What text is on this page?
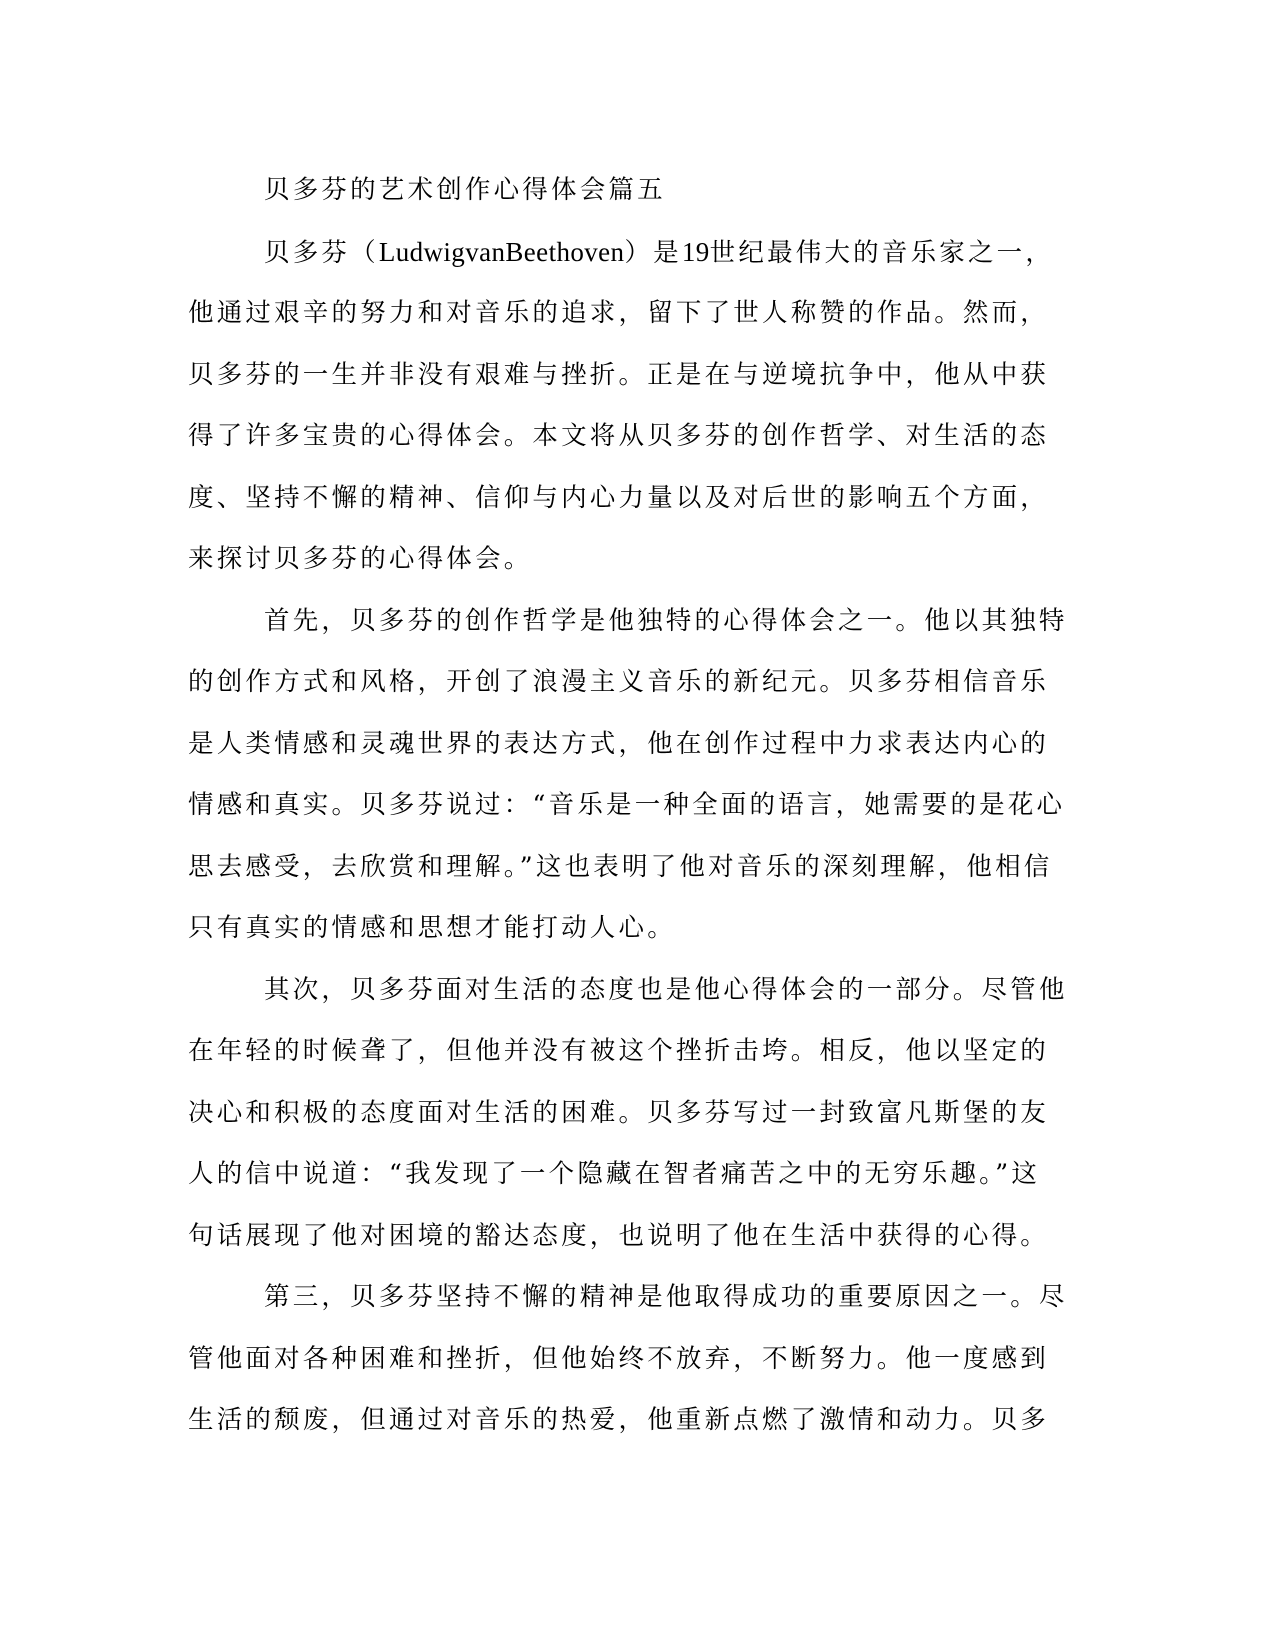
贝多芬的艺术创作心得体会篇五
贝多芬（LudwigvanBeethoven）是19世纪最伟大的音乐家之一，
他通过艰辛的努力和对音乐的追求，留下了世人称赞的作品。然而，
贝多芬的一生并非没有艰难与挫折。正是在与逆境抗争中，他从中获
得了许多宝贵的心得体会。本文将从贝多芬的创作哲学、对生活的态
度、坚持不懈的精神、信仰与内心力量以及对后世的影响五个方面，
来探讨贝多芬的心得体会。
首先，贝多芬的创作哲学是他独特的心得体会之一。他以其独特
的创作方式和风格，开创了浪漫主义音乐的新纪元。贝多芬相信音乐
是人类情感和灵魂世界的表达方式，他在创作过程中力求表达内心的
情感和真实。贝多芬说过：“音乐是一种全面的语言，她需要的是花心
思去感受，去欣赏和理解。”这也表明了他对音乐的深刻理解，他相信
只有真实的情感和思想才能打动人心。
其次，贝多芬面对生活的态度也是他心得体会的一部分。尽管他
在年轻的时候聋了，但他并没有被这个挫折击垮。相反，他以坚定的
决心和积极的态度面对生活的困难。贝多芬写过一封致富凡斯堡的友
人的信中说道：“我发现了一个隐藏在智者痛苦之中的无穷乐趣。”这
句话展现了他对困境的豁达态度，也说明了他在生活中获得的心得。
第三，贝多芬坚持不懈的精神是他取得成功的重要原因之一。尽
管他面对各种困难和挫折，但他始终不放弃，不断努力。他一度感到
生活的颓废，但通过对音乐的热爱，他重新点燃了激情和动力。贝多
